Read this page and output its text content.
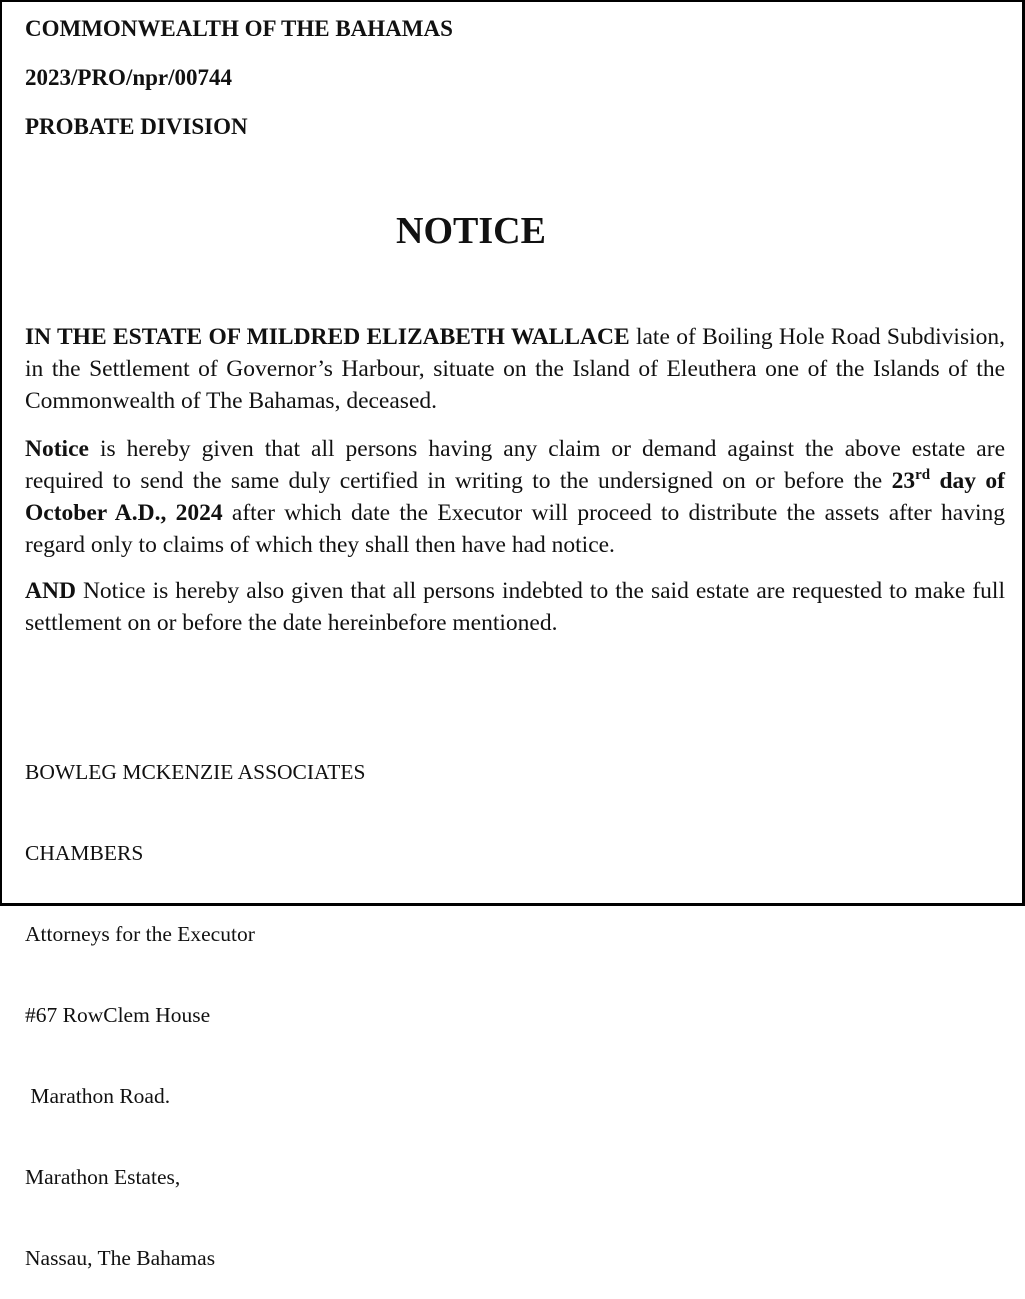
COMMONWEALTH OF THE BAHAMAS
2023/PRO/npr/00744
PROBATE DIVISION
NOTICE
IN THE ESTATE OF MILDRED ELIZABETH WALLACE late of Boiling Hole Road Subdivision, in the Settlement of Governor’s Harbour, situate on the Island of Eleuthera one of the Islands of the Commonwealth of The Bahamas, deceased.
Notice is hereby given that all persons having any claim or demand against the above estate are required to send the same duly certified in writing to the undersigned on or before the 23rd day of October A.D., 2024 after which date the Executor will proceed to distribute the assets after having regard only to claims of which they shall then have had notice.
AND Notice is hereby also given that all persons indebted to the said estate are requested to make full settlement on or before the date hereinbefore mentioned.

BOWLEG MCKENZIE ASSOCIATES

CHAMBERS

Attorneys for the Executor

#67 RowClem House

Marathon Road.

Marathon Estates,

Nassau, The Bahamas
